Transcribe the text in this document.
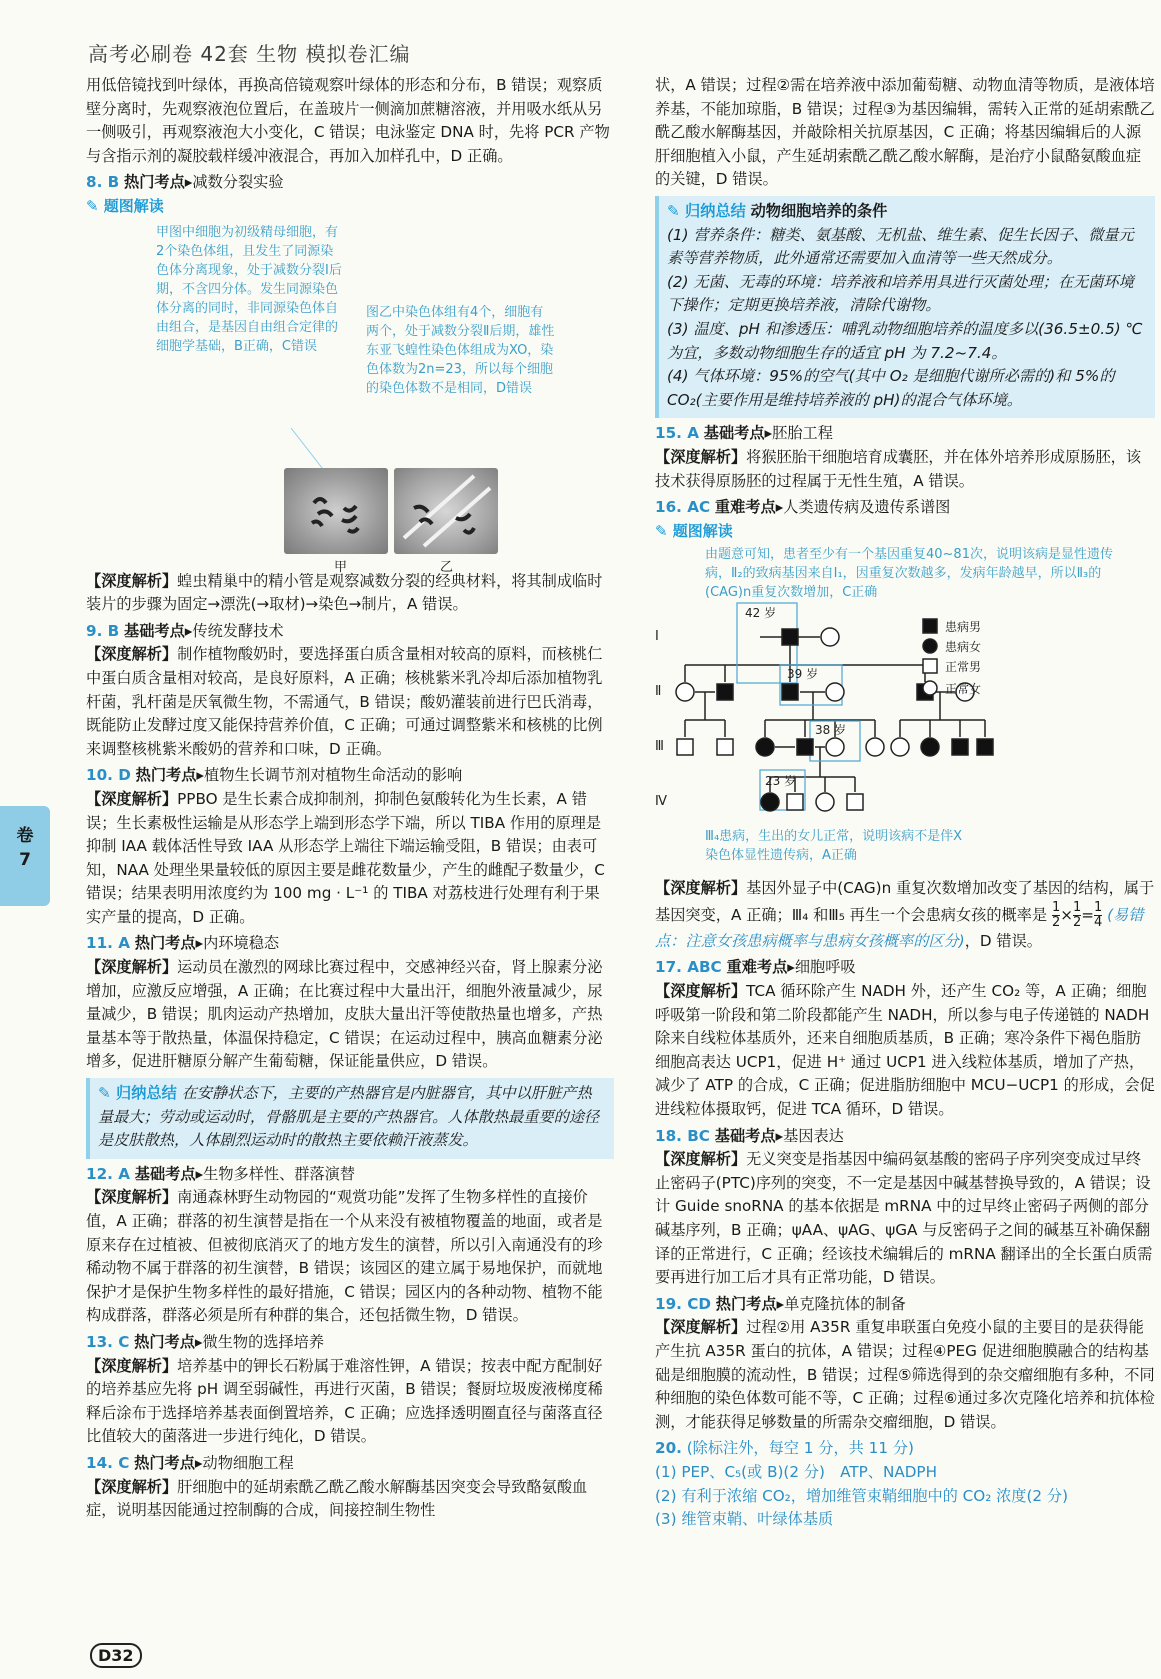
高考必刷卷 42套 生物 模拟卷汇编
卷
7

用低倍镜找到叶绿体，再换高倍镜观察叶绿体的形态和分布，B 错误；观察质壁分离时，先观察液泡位置后，在盖玻片一侧滴加蔗糖溶液，并用吸水纸从另一侧吸引，再观察液泡大小变化，C 错误；电泳鉴定 DNA 时，先将 PCR 产物与含指示剂的凝胶载样缓冲液混合，再加入加样孔中，D 正确。

8. B 热门考点▸减数分裂实验
✎ 题图解读
甲图中细胞为初级精母细胞，有2个染色体组，且发生了同源染色体分离现象，处于减数分裂Ⅰ后期，不含四分体。发生同源染色体分离的同时，非同源染色体自由组合，是基因自由组合定律的细胞学基础，B正确，C错误
图乙中染色体组有4个，细胞有两个，处于减数分裂Ⅱ后期，雄性东亚飞蝗性染色体组成为XO，染色体数为2n=23，所以每个细胞的染色体数不是相同，D错误
甲	乙

【深度解析】蝗虫精巢中的精小管是观察减数分裂的经典材料，将其制成临时装片的步骤为固定→漂洗(→取材)→染色→制片，A 错误。

9. B 基础考点▸传统发酵技术

【深度解析】制作植物酸奶时，要选择蛋白质含量相对较高的原料，而核桃仁中蛋白质含量相对较高，是良好原料，A 正确；核桃紫米乳冷却后添加植物乳杆菌，乳杆菌是厌氧微生物，不需通气，B 错误；酸奶灌装前进行巴氏消毒，既能防止发酵过度又能保持营养价值，C 正确；可通过调整紫米和核桃的比例来调整核桃紫米酸奶的营养和口味，D 正确。

10. D 热门考点▸植物生长调节剂对植物生命活动的影响

【深度解析】PPBO 是生长素合成抑制剂，抑制色氨酸转化为生长素，A 错误；生长素极性运输是从形态学上端到形态学下端，所以 TIBA 作用的原理是抑制 IAA 载体活性导致 IAA 从形态学上端往下端运输受阻，B 错误；由表可知，NAA 处理坐果量较低的原因主要是雌花数量少，产生的雌配子数量少，C 错误；结果表明用浓度约为 100 mg · L⁻¹ 的 TIBA 对荔枝进行处理有利于果实产量的提高，D 正确。

11. A 热门考点▸内环境稳态

【深度解析】运动员在激烈的网球比赛过程中，交感神经兴奋，肾上腺素分泌增加，应激反应增强，A 正确；在比赛过程中大量出汗，细胞外液量减少，尿量减少，B 错误；肌肉运动产热增加，皮肤大量出汗等使散热量也增多，产热量基本等于散热量，体温保持稳定，C 错误；在运动过程中，胰高血糖素分泌增多，促进肝糖原分解产生葡萄糖，保证能量供应，D 错误。

✎ 归纳总结 在安静状态下，主要的产热器官是内脏器官，其中以肝脏产热量最大；劳动或运动时，骨骼肌是主要的产热器官。人体散热最重要的途径是皮肤散热，人体剧烈运动时的散热主要依赖汗液蒸发。
12. A 基础考点▸生物多样性、群落演替

【深度解析】南通森林野生动物园的“观赏功能”发挥了生物多样性的直接价值，A 正确；群落的初生演替是指在一个从来没有被植物覆盖的地面，或者是原来存在过植被、但被彻底消灭了的地方发生的演替，所以引入南通没有的珍稀动物不属于群落的初生演替，B 错误；该园区的建立属于易地保护，而就地保护才是保护生物多样性的最好措施，C 错误；园区内的各种动物、植物不能构成群落，群落必须是所有种群的集合，还包括微生物，D 错误。

13. C 热门考点▸微生物的选择培养

【深度解析】培养基中的钾长石粉属于难溶性钾，A 错误；按表中配方配制好的培养基应先将 pH 调至弱碱性，再进行灭菌，B 错误；餐厨垃圾废液梯度稀释后涂布于选择培养基表面倒置培养，C 正确；应选择透明圈直径与菌落直径比值较大的菌落进一步进行纯化，D 错误。

14. C 热门考点▸动物细胞工程

【深度解析】肝细胞中的延胡索酰乙酰乙酸水解酶基因突变会导致酪氨酸血症，说明基因能通过控制酶的合成，间接控制生物性

状，A 错误；过程②需在培养液中添加葡萄糖、动物血清等物质，是液体培养基，不能加琼脂，B 错误；过程③为基因编辑，需转入正常的延胡索酰乙酰乙酸水解酶基因，并敲除相关抗原基因，C 正确；将基因编辑后的人源肝细胞植入小鼠，产生延胡索酰乙酰乙酸水解酶，是治疗小鼠酪氨酸血症的关键，D 错误。

✎ 归纳总结 动物细胞培养的条件
(1) 营养条件：糖类、氨基酸、无机盐、维生素、促生长因子、微量元素等营养物质，此外通常还需要加入血清等一些天然成分。
(2) 无菌、无毒的环境：培养液和培养用具进行灭菌处理；在无菌环境下操作；定期更换培养液，清除代谢物。
(3) 温度、pH 和渗透压：哺乳动物细胞培养的温度多以(36.5±0.5) ℃为宜，多数动物细胞生存的适宜 pH 为 7.2~7.4。
(4) 气体环境：95%的空气(其中 O₂ 是细胞代谢所必需的)和 5%的 CO₂(主要作用是维持培养液的 pH)的混合气体环境。
15. A 基础考点▸胚胎工程

【深度解析】将猴胚胎干细胞培育成囊胚，并在体外培养形成原肠胚，该技术获得原肠胚的过程属于无性生殖，A 错误。

16. AC 重难考点▸人类遗传病及遗传系谱图
✎ 题图解读
由题意可知，患者至少有一个基因重复40~81次，说明该病是显性遗传病，Ⅱ₂的致病基因来自Ⅰ₁，因重复次数越多，发病年龄越早，所以Ⅱ₃的(CAG)n重复次数增加，C正确
Ⅰ
Ⅱ
Ⅲ
Ⅳ
42 岁
39 岁
38 岁
23 岁
患病男
患病女
正常男
正常女
Ⅲ₄患病，生出的女儿正常，说明该病不是伴X染色体显性遗传病，A正确

【深度解析】基因外显子中(CAG)n 重复次数增加改变了基因的结构，属于基因突变，A 正确；Ⅲ₄ 和Ⅲ₅ 再生一个会患病女孩的概率是 $\frac{1}{2} \times \frac{1}{2} = \frac{1}{4}$ (易错点：注意女孩患病概率与患病女孩概率的区分)，D 错误。

17. ABC 重难考点▸细胞呼吸

【深度解析】TCA 循环除产生 NADH 外，还产生 CO₂ 等，A 正确；细胞呼吸第一阶段和第二阶段都能产生 NADH，所以参与电子传递链的 NADH 除来自线粒体基质外，还来自细胞质基质，B 正确；寒冷条件下褐色脂肪细胞高表达 UCP1，促进 H⁺ 通过 UCP1 进入线粒体基质，增加了产热，减少了 ATP 的合成，C 正确；促进脂肪细胞中 MCU−UCP1 的形成，会促进线粒体摄取钙，促进 TCA 循环，D 错误。

18. BC 基础考点▸基因表达

【深度解析】无义突变是指基因中编码氨基酸的密码子序列突变成过早终止密码子(PTC)序列的突变，不一定是基因中碱基替换导致的，A 错误；设计 Guide snoRNA 的基本依据是 mRNA 中的过早终止密码子两侧的部分碱基序列，B 正确；ψAA、ψAG、ψGA 与反密码子之间的碱基互补确保翻译的正常进行，C 正确；经该技术编辑后的 mRNA 翻译出的全长蛋白质需要再进行加工后才具有正常功能，D 错误。

19. CD 热门考点▸单克隆抗体的制备

【深度解析】过程②用 A35R 重复串联蛋白免疫小鼠的主要目的是获得能产生抗 A35R 蛋白的抗体，A 错误；过程④PEG 促进细胞膜融合的结构基础是细胞膜的流动性，B 错误；过程⑤筛选得到的杂交瘤细胞有多种，不同种细胞的染色体数可能不等，C 正确；过程⑥通过多次克隆化培养和抗体检测，才能获得足够数量的所需杂交瘤细胞，D 错误。

20. (除标注外，每空 1 分，共 11 分)
(1) PEP、C₅(或 B)(2 分)　ATP、NADPH
(2) 有利于浓缩 CO₂，增加维管束鞘细胞中的 CO₂ 浓度(2 分)
(3) 维管束鞘、叶绿体基质
D32
